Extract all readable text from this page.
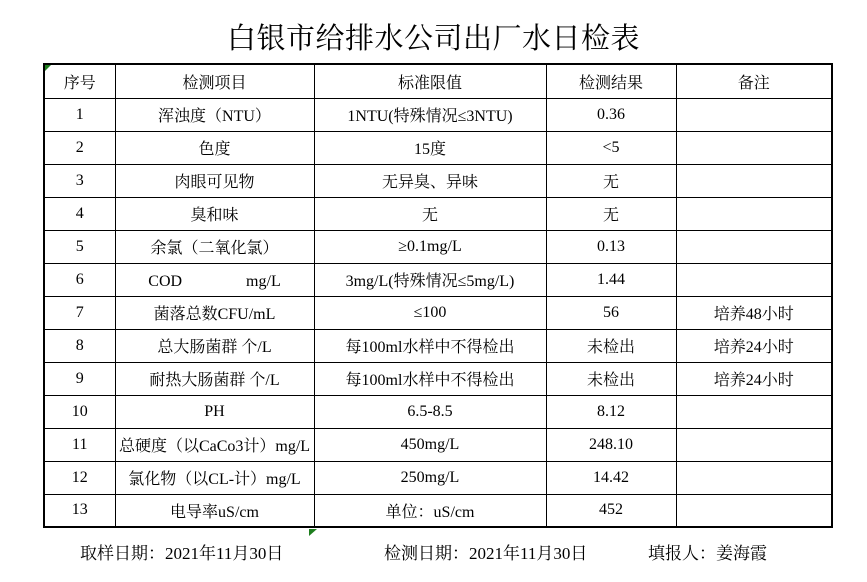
白银市给排水公司出厂水日检表
序号	检测项目	标准限值	检测结果	备注
1	浑浊度（NTU）	1NTU(特殊情况≤3NTU)	0.36	
2	色度	15度	<5	
3	肉眼可见物	无异臭、异味	无	
4	臭和味	无	无	
5	余氯（二氧化氯）	≥0.1mg/L	0.13	
6	COD　　　　mg/L	3mg/L(特殊情况≤5mg/L)	1.44	
7	菌落总数CFU/mL	≤100	56	培养48小时
8	总大肠菌群 个/L	每100ml水样中不得检出	未检出	培养24小时
9	耐热大肠菌群 个/L	每100ml水样中不得检出	未检出	培养24小时
10	PH	6.5-8.5	8.12	
11	总硬度（以CaCo3计）mg/L	450mg/L	248.10	
12	氯化物（以CL-计）mg/L	250mg/L	14.42	
13	电导率uS/cm	单位：uS/cm	452	
取样日期：2021年11月30日	检测日期：2021年11月30日	填报人：姜海霞
